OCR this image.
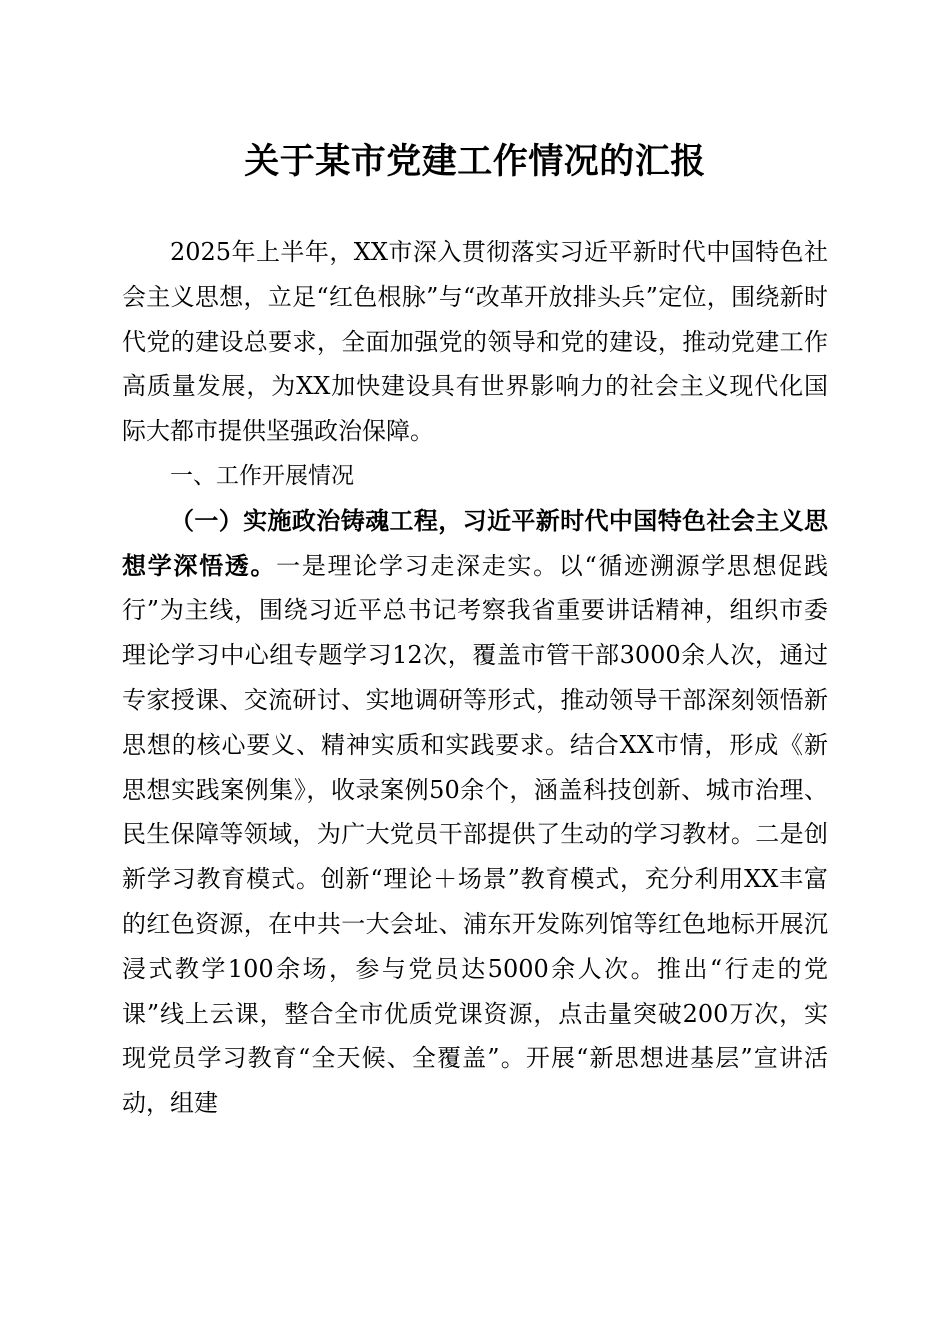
关于某市党建工作情况的汇报

2025年上半年，XX市深入贯彻落实习近平新时代中国特色社会主义思想，立足“红色根脉”与“改革开放排头兵”定位，围绕新时代党的建设总要求，全面加强党的领导和党的建设，推动党建工作高质量发展，为XX加快建设具有世界影响力的社会主义现代化国际大都市提供坚强政治保障。

一、工作开展情况

（一）实施政治铸魂工程，习近平新时代中国特色社会主义思想学深悟透。一是理论学习走深走实。以“循迹溯源学思想促践行”为主线，围绕习近平总书记考察我省重要讲话精神，组织市委理论学习中心组专题学习12次，覆盖市管干部3000余人次，通过专家授课、交流研讨、实地调研等形式，推动领导干部深刻领悟新思想的核心要义、精神实质和实践要求。结合XX市情，形成《新思想实践案例集》，收录案例50余个，涵盖科技创新、城市治理、民生保障等领域，为广大党员干部提供了生动的学习教材。二是创新学习教育模式。创新“理论＋场景”教育模式，充分利用XX丰富的红色资源，在中共一大会址、浦东开发陈列馆等红色地标开展沉浸式教学100余场，参与党员达5000余人次。推出“行走的党课”线上云课，整合全市优质党课资源，点击量突破200万次，实现党员学习教育“全天候、全覆盖”。开展“新思想进基层”宣讲活动，组建
